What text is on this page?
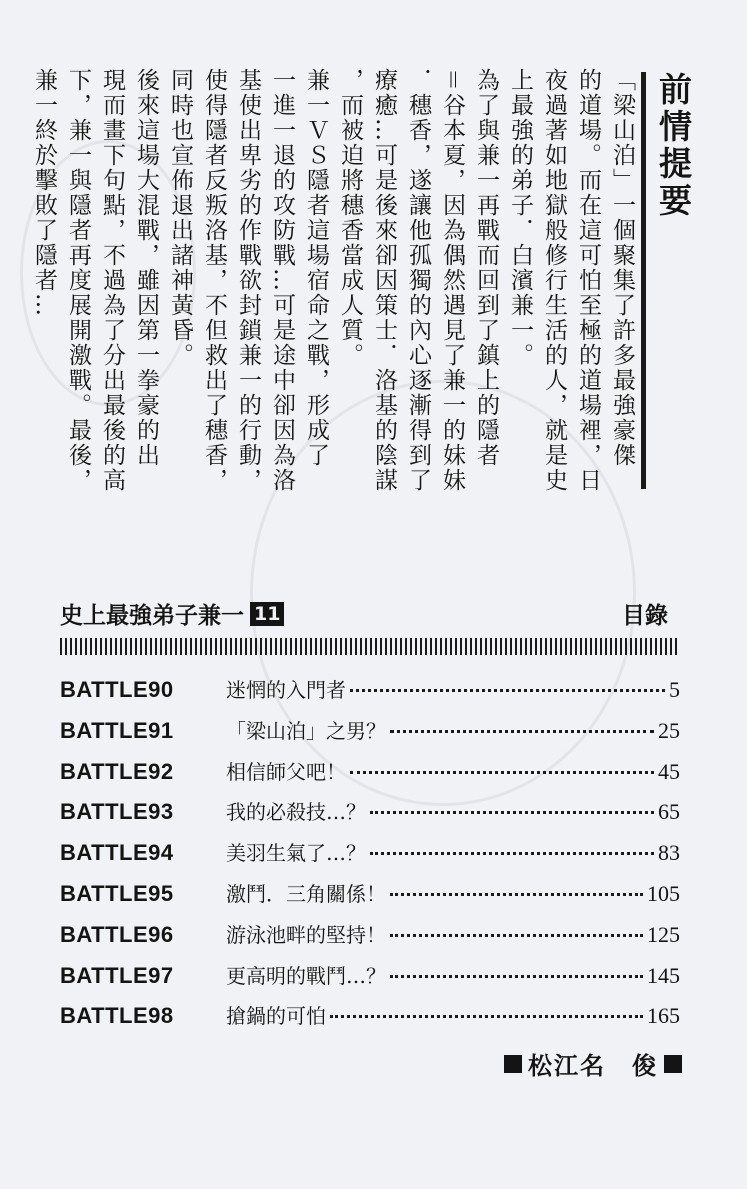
前情提要
「梁山泊」一個聚集了許多最強豪傑
的道場。而在這可怕至極的道場裡，日
夜過著如地獄般修行生活的人，就是史
上最強的弟子．白濱兼一。
為了與兼一再戰而回到了鎮上的隱者
＝谷本夏，因為偶然遇見了兼一的妹妹
．穗香，遂讓他孤獨的內心逐漸得到了
療癒…可是後來卻因策士．洛基的陰謀
，而被迫將穗香當成人質。
兼一ＶＳ隱者這場宿命之戰，形成了
一進一退的攻防戰…可是途中卻因為洛
基使出卑劣的作戰欲封鎖兼一的行動，
使得隱者反叛洛基，不但救出了穗香，
同時也宣佈退出諸神黃昏。
後來這場大混戰，雖因第一拳豪的出
現而畫下句點，不過為了分出最後的高
下，兼一與隱者再度展開激戰。最後，
兼一終於擊敗了隱者…
史上最強弟子兼一 11	目錄
BATTLE90	迷惘的入門者	5
BATTLE91	「梁山泊」之男？	25
BATTLE92	相信師父吧！	45
BATTLE93	我的必殺技…？	65
BATTLE94	美羽生氣了…？	83
BATTLE95	激鬥．三角關係！	105
BATTLE96	游泳池畔的堅持！	125
BATTLE97	更高明的戰鬥…？	145
BATTLE98	搶鍋的可怕	165
松江名　俊
